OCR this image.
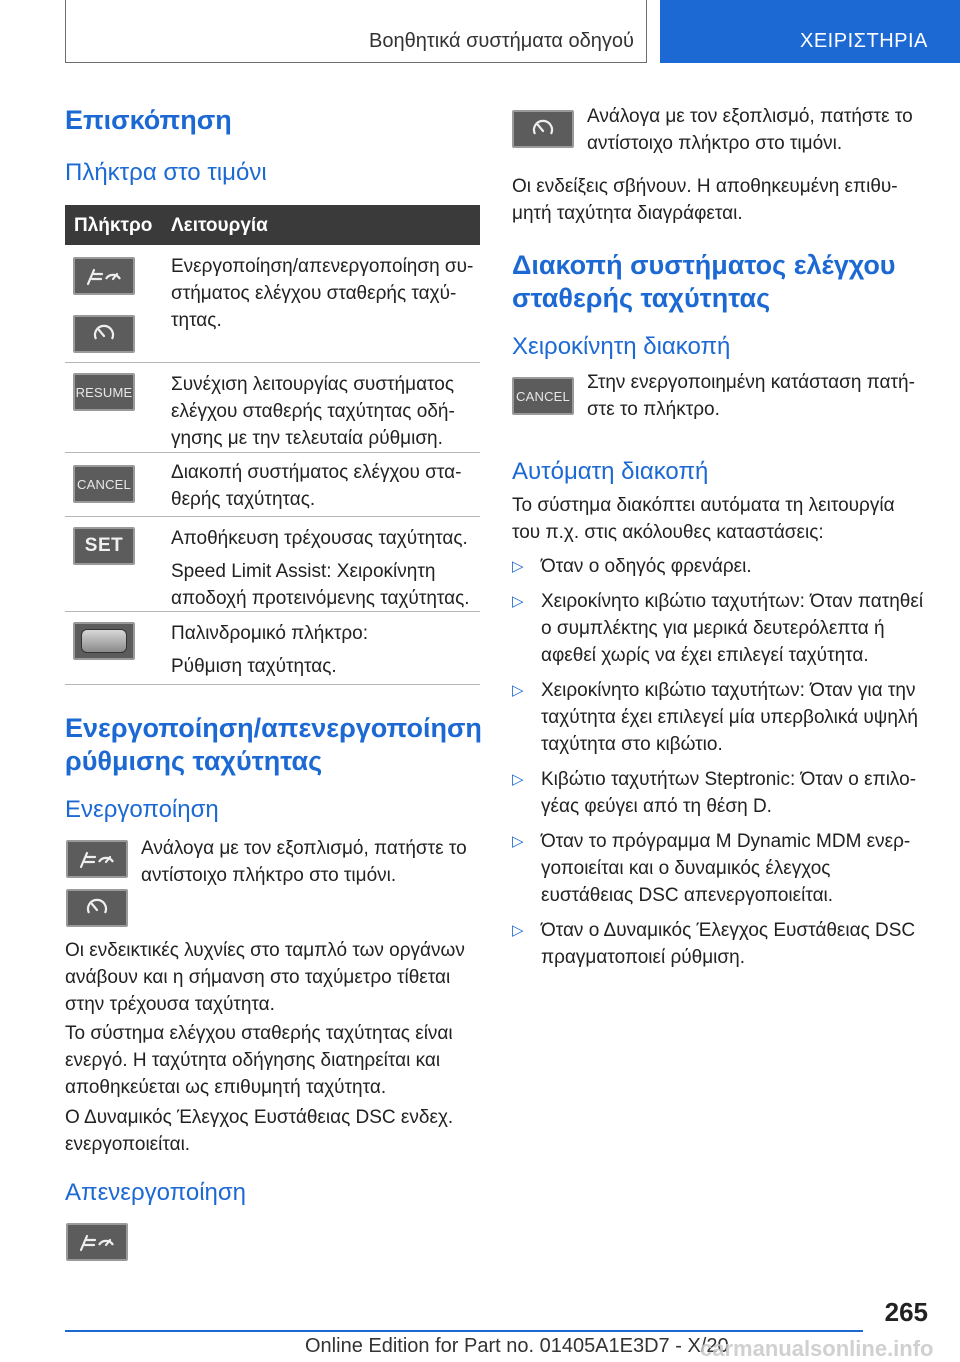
Βοηθητικά συστήματα οδηγού	ΧΕΙΡΙΣΤΗΡΙΑ
Επισκόπηση
Πλήκτρα στο τιμόνι
Πλήκτρο Λειτουργία
Ενεργοποίηση/απενεργοποίηση συ-
στήματος ελέγχου σταθερής ταχύ-
τητας.
RESUME Συνέχιση λειτουργίας συστήματος
ελέγχου σταθερής ταχύτητας οδή-
γησης με την τελευταία ρύθμιση.
CANCEL
Διακοπή συστήματος ελέγχου στα-
θερής ταχύτητας.
SET	Αποθήκευση τρέχουσας ταχύτητας.
Speed Limit Assist: Χειροκίνητη
αποδοχή προτεινόμενης ταχύτητας.
Παλινδρομικό πλήκτρο:
Ρύθμιση ταχύτητας.
Ενεργοποίηση/απενεργοποίηση
ρύθμισης ταχύτητας
Ενεργοποίηση
Ανάλογα με τον εξοπλισμό, πατήστε το
αντίστοιχο πλήκτρο στο τιμόνι.
Οι ενδεικτικές λυχνίες στο ταμπλό των οργάνων
ανάβουν και η σήμανση στο ταχύμετρο τίθεται
στην τρέχουσα ταχύτητα.
Το σύστημα ελέγχου σταθερής ταχύτητας είναι
ενεργό. Η ταχύτητα οδήγησης διατηρείται και
αποθηκεύεται ως επιθυμητή ταχύτητα.
Ο Δυναμικός Έλεγχος Ευστάθειας DSC ενδεχ.
ενεργοποιείται.
Απενεργοποίηση
Ανάλογα με τον εξοπλισμό, πατήστε το
αντίστοιχο πλήκτρο στο τιμόνι.
Οι ενδείξεις σβήνουν. Η αποθηκευμένη επιθυ-
μητή ταχύτητα διαγράφεται.
Διακοπή συστήματος ελέγχου
σταθερής ταχύτητας
Χειροκίνητη διακοπή
CANCEL
Στην ενεργοποιημένη κατάσταση πατή-
στε το πλήκτρο.
Αυτόματη διακοπή
Το σύστημα διακόπτει αυτόματα τη λειτουργία
του π.χ. στις ακόλουθες καταστάσεις:
▷ Όταν ο οδηγός φρενάρει.
▷ Χειροκίνητο κιβώτιο ταχυτήτων: Όταν πατηθεί
ο συμπλέκτης για μερικά δευτερόλεπτα ή
αφεθεί χωρίς να έχει επιλεγεί ταχύτητα.
▷ Χειροκίνητο κιβώτιο ταχυτήτων: Όταν για την
ταχύτητα έχει επιλεγεί μία υπερβολικά υψηλή
ταχύτητα στο κιβώτιο.
▷ Κιβώτιο ταχυτήτων Steptronic: Όταν ο επιλο-
γέας φεύγει από τη θέση D.
▷ Όταν το πρόγραμμα M Dynamic MDM ενερ-
γοποιείται και ο δυναμικός έλεγχος
ευστάθειας DSC απενεργοποιείται.
▷ Όταν ο Δυναμικός Έλεγχος Ευστάθειας DSC
πραγματοποιεί ρύθμιση.
265
Online Edition for Part no. 01405A1E3D7 - X/20
carmanualsonline.info
